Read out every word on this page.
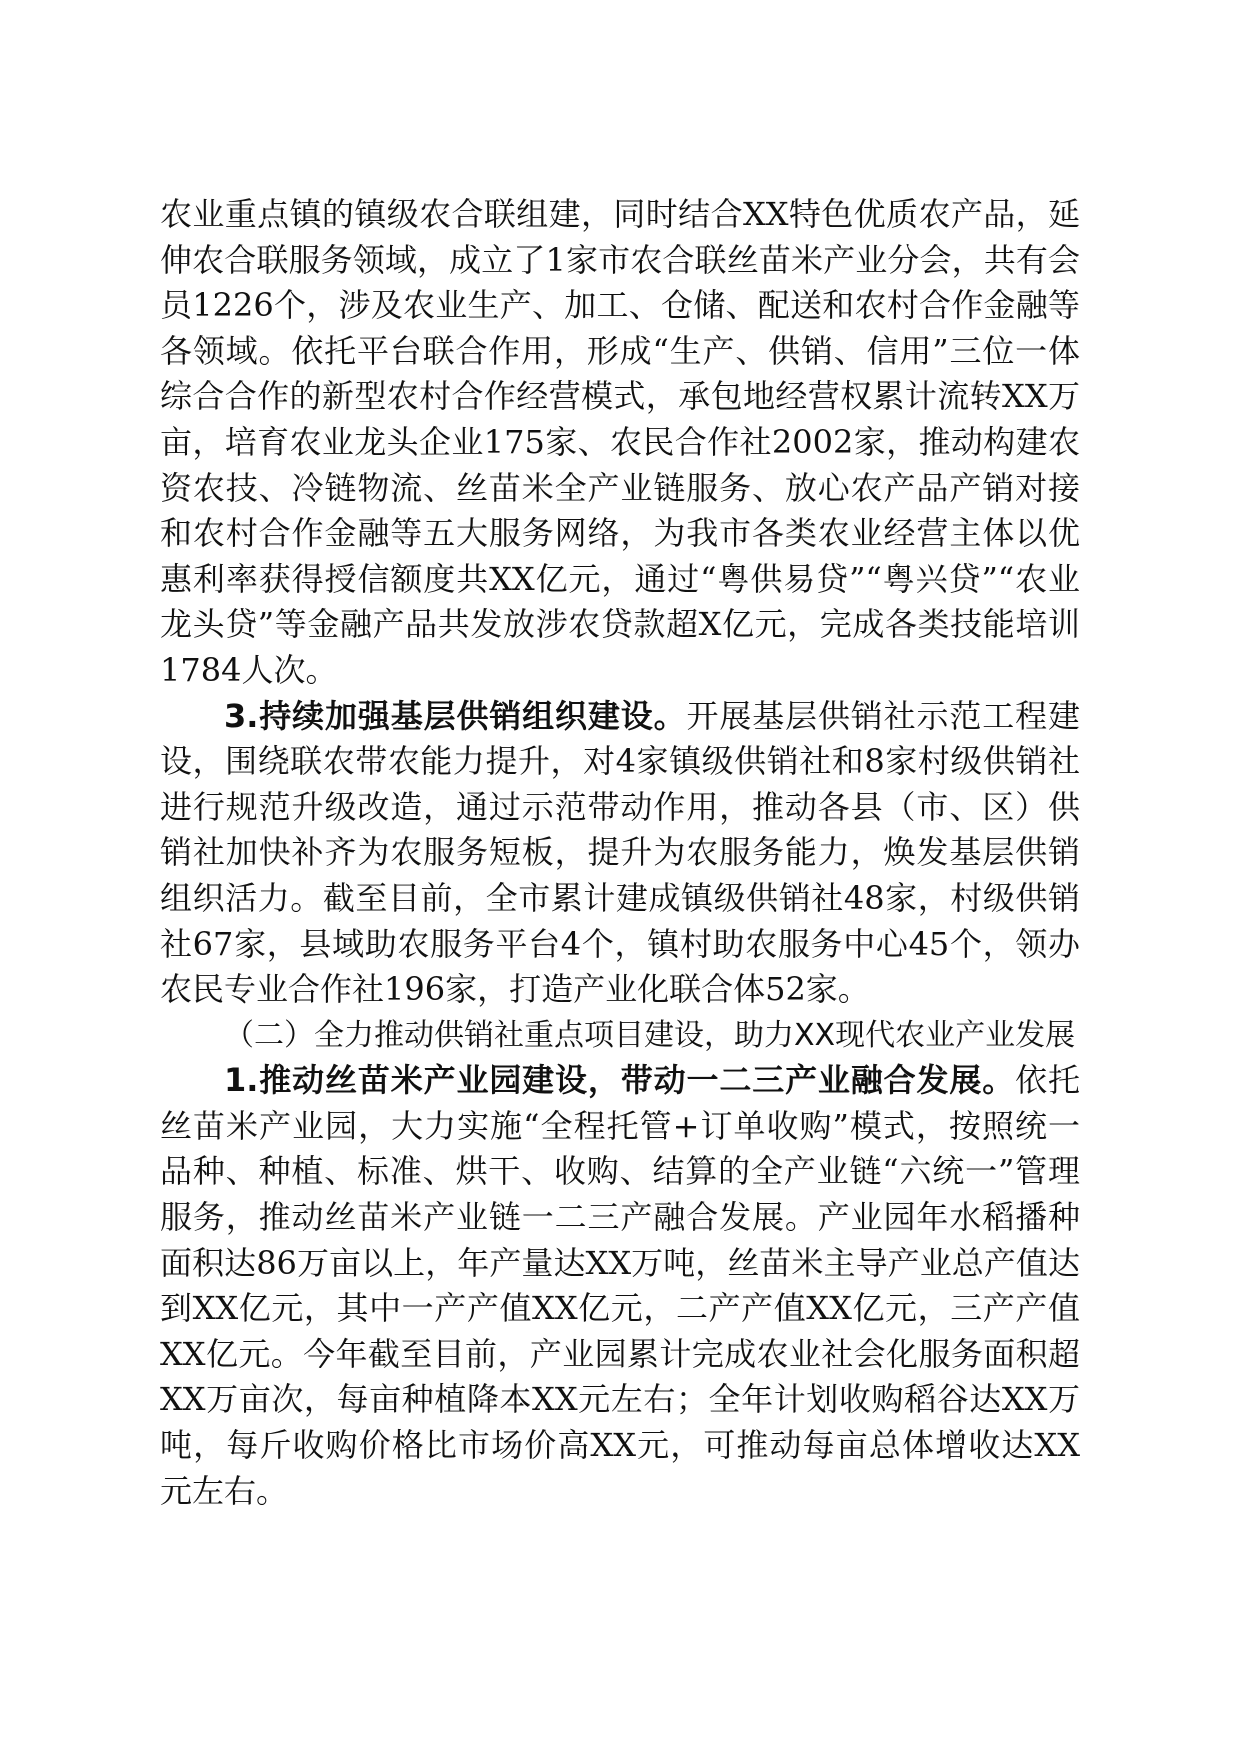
农业重点镇的镇级农合联组建，同时结合XX特色优质农产品，延伸农合联服务领域，成立了1家市农合联丝苗米产业分会，共有会员1226个，涉及农业生产、加工、仓储、配送和农村合作金融等各领域。依托平台联合作用，形成“生产、供销、信用”三位一体综合合作的新型农村合作经营模式，承包地经营权累计流转XX万亩，培育农业龙头企业175家、农民合作社2002家，推动构建农资农技、冷链物流、丝苗米全产业链服务、放心农产品产销对接和农村合作金融等五大服务网络，为我市各类农业经营主体以优惠利率获得授信额度共XX亿元，通过“粤供易贷”“粤兴贷”“农业龙头贷”等金融产品共发放涉农贷款超X亿元，完成各类技能培训1784人次。

3.持续加强基层供销组织建设。开展基层供销社示范工程建设，围绕联农带农能力提升，对4家镇级供销社和8家村级供销社进行规范升级改造，通过示范带动作用，推动各县（市、区）供销社加快补齐为农服务短板，提升为农服务能力，焕发基层供销组织活力。截至目前，全市累计建成镇级供销社48家，村级供销社67家，县域助农服务平台4个，镇村助农服务中心45个，领办农民专业合作社196家，打造产业化联合体52家。

（二）全力推动供销社重点项目建设，助力XX现代农业产业发展

1.推动丝苗米产业园建设，带动一二三产业融合发展。依托丝苗米产业园，大力实施“全程托管+订单收购”模式，按照统一品种、种植、标准、烘干、收购、结算的全产业链“六统一”管理服务，推动丝苗米产业链一二三产融合发展。产业园年水稻播种面积达86万亩以上，年产量达XX万吨，丝苗米主导产业总产值达到XX亿元，其中一产产值XX亿元，二产产值XX亿元，三产产值XX亿元。今年截至目前，产业园累计完成农业社会化服务面积超XX万亩次，每亩种植降本XX元左右；全年计划收购稻谷达XX万吨，每斤收购价格比市场价高XX元，可推动每亩总体增收达XX元左右。
